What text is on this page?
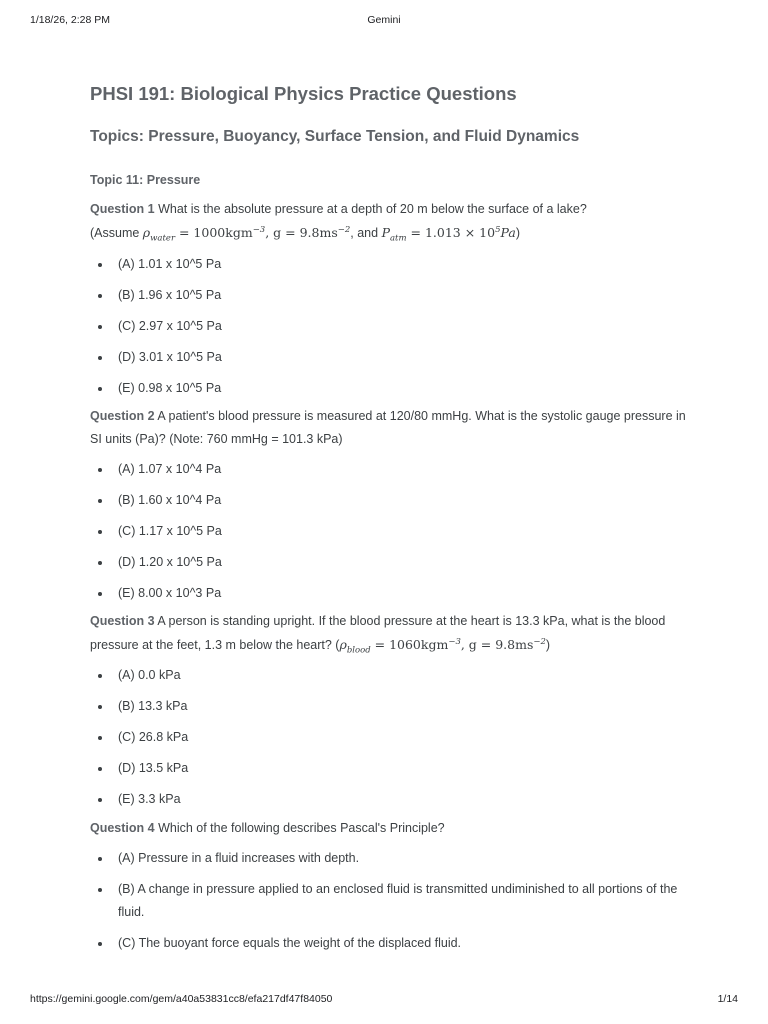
1/18/26, 2:28 PM	Gemini
PHSI 191: Biological Physics Practice Questions
Topics: Pressure, Buoyancy, Surface Tension, and Fluid Dynamics
Topic 11: Pressure

Question 1 What is the absolute pressure at a depth of 20 m below the surface of a lake?
(Assume $\rho_{water} = 1000kgm^{-3}$, $g = 9.8ms^{-2}$, and $P_{atm} = 1.013 \times 10^5Pa$)

(A) 1.01 x 10^5 Pa
(B) 1.96 x 10^5 Pa
(C) 2.97 x 10^5 Pa
(D) 3.01 x 10^5 Pa
(E) 0.98 x 10^5 Pa

Question 2 A patient's blood pressure is measured at 120/80 mmHg. What is the systolic gauge pressure in SI units (Pa)? (Note: 760 mmHg = 101.3 kPa)

(A) 1.07 x 10^4 Pa
(B) 1.60 x 10^4 Pa
(C) 1.17 x 10^5 Pa
(D) 1.20 x 10^5 Pa
(E) 8.00 x 10^3 Pa

Question 3 A person is standing upright. If the blood pressure at the heart is 13.3 kPa, what is the blood pressure at the feet, 1.3 m below the heart? ($\rho_{blood} = 1060kgm^{-3}$, $g = 9.8ms^{-2}$)

(A) 0.0 kPa
(B) 13.3 kPa
(C) 26.8 kPa
(D) 13.5 kPa
(E) 3.3 kPa

Question 4 Which of the following describes Pascal's Principle?

(A) Pressure in a fluid increases with depth.
(B) A change in pressure applied to an enclosed fluid is transmitted undiminished to all portions of the fluid.
(C) The buoyant force equals the weight of the displaced fluid.
https://gemini.google.com/gem/a40a53831cc8/efa217df47f84050	1/14
